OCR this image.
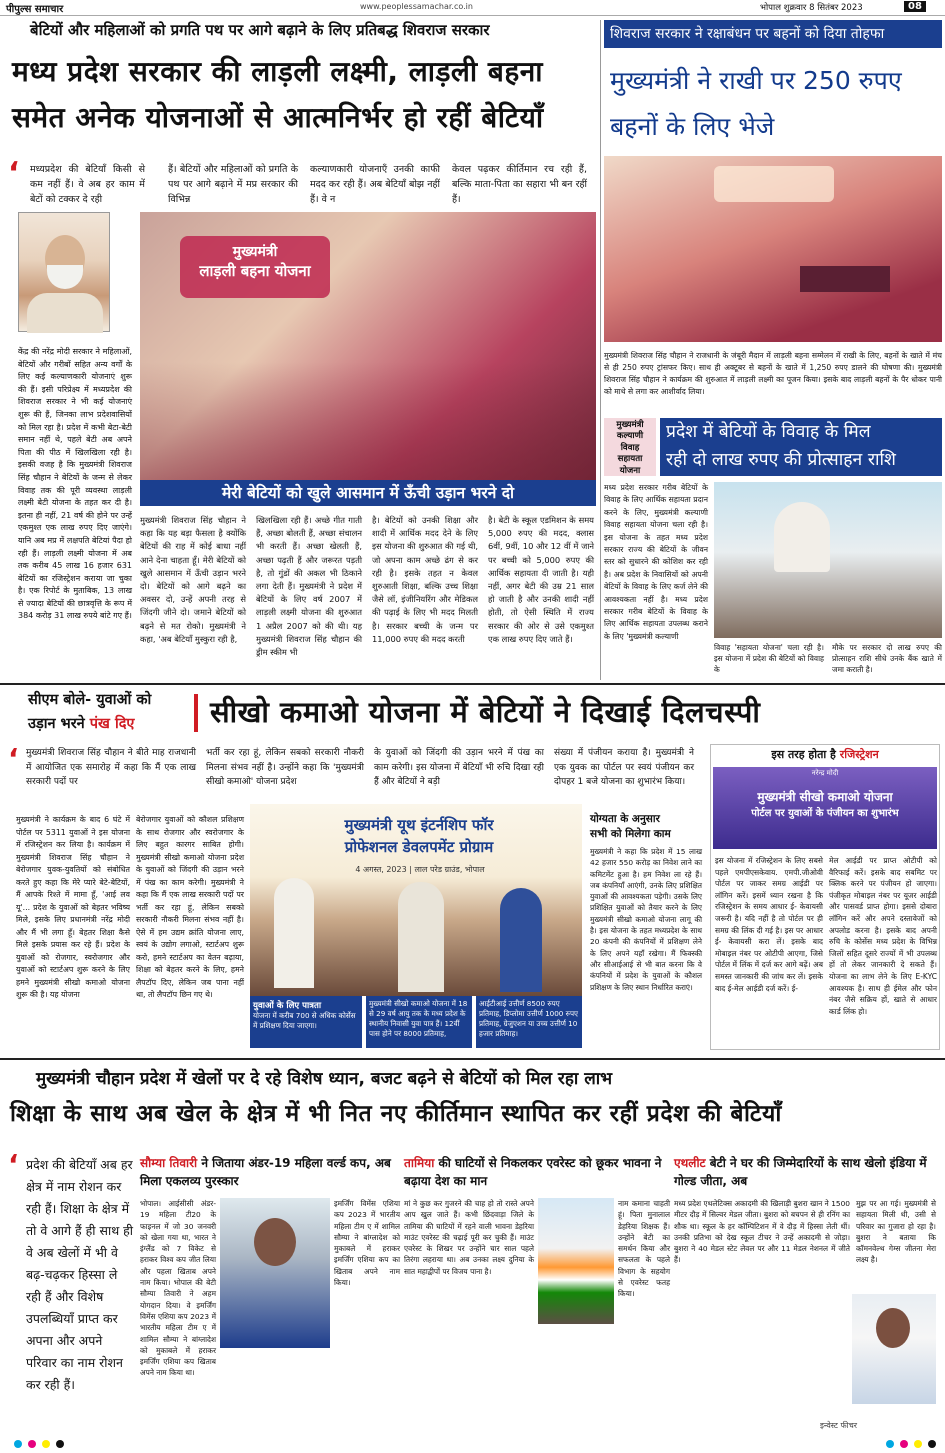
पीपुल्स समाचार	www.peoplessamachar.co.in	भोपाल शुक्रवार 8 सितंबर 2023	08
बेटियों और महिलाओं को प्रगति पथ पर आगे बढ़ाने के लिए प्रतिबद्ध शिवराज सरकार
मध्य प्रदेश सरकार की लाड़ली लक्ष्मी, लाड़ली बहना
समेत अनेक योजनाओं से आत्मनिर्भर हो रहीं बेटियाँ
‘ मध्यप्रदेश की बेटियाँ किसी से कम नहीं हैं। वे अब हर काम में बेटों को टक्कर दे रही
हैं। बेटियों और महिलाओं को प्रगति के पथ पर आगे बढ़ाने में मप्र सरकार की विभिन्न
कल्याणकारी योजनाएँ उनकी काफी मदद कर रही हैं। अब बेटियाँ बोझ नहीं हैं। वे न
केवल पढ़कर कीर्तिमान रच रही हैं, बल्कि माता-पिता का सहारा भी बन रहीं हैं।
केंद्र की नरेंद्र मोदी सरकार ने महिलाओं, बेटियों और गरीबों सहित अन्य वर्गों के लिए कई कल्याणकारी योजनाएं शुरू की हैं। इसी परिप्रेक्ष्य में मध्यप्रदेश की शिवराज सरकार ने भी कई योजनाएं शुरू की हैं, जिनका लाभ प्रदेशवासियों को मिल रहा है। प्रदेश में कभी बेटा-बेटी समान नहीं थे, पहले बेटी अब अपने पिता की पीठ में खिलखिला रही है। इसकी वजह है कि मुख्यमंत्री शिवराज सिंह चौहान ने बेटियों के जन्म से लेकर विवाह तक की पूरी व्यवस्था लाड़ली लक्ष्मी बेटी योजना के तहत कर दी है। इतना ही नहीं, 21 वर्ष की होने पर उन्हें एकमुश्त एक लाख रुपए दिए जाएंगे। यानि अब मप्र में लक्षपति बेटियां पैदा हो रही हैं। लाड़ली लक्ष्मी योजना में अब तक करीब 45 लाख 16 हजार 631 बेटियों का रजिस्ट्रेशन कराया जा चुका है। एक रिपोर्ट के मुताबिक, 13 लाख से ज्यादा बेटियों की छात्रवृत्ति के रूप में 384 करोड़ 31 लाख रुपये बांटे गए हैं।
मुख्यमंत्री
लाड़ली बहना योजना
मेरी बेटियों को खुले आसमान में ऊँची उड़ान भरने दो
मुख्यमंत्री शिवराज सिंह चौहान ने कहा कि यह बड़ा फैसला है क्योंकि बेटियों की राह में कोई बाधा नहीं आने देना चाहता हूँ। मेरी बेटियों को खुले आसमान में ऊँची उड़ान भरने दो। बेटियों को आगे बढ़ने का अवसर दो, उन्हें अपनी तरह से जिंदगी जीने दो। जमाने बेटियों को बढ़ने से मत रोको। मुख्यमंत्री ने कहा, 'अब बेटियाँ मुस्कुरा रही है,
खिलखिला रही हैं। अच्छे गीत गाती हैं, अच्छा बोलती हैं, अच्छा संचालन भी करती हैं। अच्छा खेलती हैं, अच्छा पढ़ती हैं और जरूरत पड़ती है, तो गुंडों की अकल भी ठिकाने लगा देती हैं। मुख्यमंत्री ने प्रदेश में बेटियों के लिए वर्ष 2007 में लाड़ली लक्ष्मी योजना की शुरुआत 1 अप्रैल 2007 को की थी। यह मुख्यमंत्री शिवराज सिंह चौहान की ड्रीम स्कीम भी
है। बेटियों को उनकी शिक्षा और शादी में आर्थिक मदद देने के लिए इस योजना की शुरुआत की गई थी, जो अपना काम अच्छे ढंग से कर रही है। इसके तहत न केवल शुरुआती शिक्षा, बल्कि उच्च शिक्षा जैसे लॉ, इंजीनियरिंग और मेडिकल की पढ़ाई के लिए भी मदद मिलती है। सरकार बच्ची के जन्म पर 11,000 रुपए की मदद करती
है। बेटी के स्कूल एडमिशन के समय 5,000 रुपए की मदद, क्लास 6वीं, 9वीं, 10 और 12 वीं में जाने पर बच्ची को 5,000 रुपए की आर्थिक सहायता दी जाती है। यही नहीं, अगर बेटी की उम्र 21 साल हो जाती है और उनकी शादी नहीं होती, तो ऐसी स्थिति में राज्य सरकार की ओर से उसे एकमुश्त एक लाख रुपए दिए जाते हैं।
शिवराज सरकार ने रक्षाबंधन पर बहनों को दिया तोहफा
मुख्यमंत्री ने राखी पर 250 रुपए बहनों के लिए भेजे
मुख्यमंत्री शिवराज सिंह चौहान ने राजधानी के जंबूरी मैदान में लाड़ली बहना सम्मेलन में राखी के लिए, बहनों के खाते में मंच से ही 250 रुपए ट्रांसफर किए। साथ ही अक्टूबर से बहनों के खाते में 1,250 रुपए डालने की घोषणा की। मुख्यमंत्री शिवराज सिंह चौहान ने कार्यक्रम की शुरुआत में लाड़ली लक्ष्मी का पूजन किया। इसके बाद लाड़ली बहनों के पैर धोकर पानी को माथे से लगा कर आशीर्वाद लिया।
मुख्यमंत्री
कल्याणी
विवाह
सहायता
योजना
प्रदेश में बेटियों के विवाह के मिल
रही दो लाख रुपए की प्रोत्साहन राशि
मध्य प्रदेश सरकार गरीब बेटियों के विवाह के लिए आर्थिक सहायता प्रदान करने के लिए, मुख्यमंत्री कल्याणी विवाह सहायता योजना चला रही है। इस योजना के तहत मध्य प्रदेश सरकार राज्य की बेटियों के जीवन स्तर को सुधारने की कोशिश कर रही है। अब प्रदेश के निवासियों को अपनी बेटियों के विवाह के लिए कर्ज लेने की आवश्यकता नहीं है। मध्य प्रदेश सरकार गरीब बेटियों के विवाह के लिए आर्थिक सहायता उपलब्ध कराने के लिए 'मुख्यमंत्री कल्याणी
विवाह 'सहायता योजना' चला रही है। इस योजना में प्रदेश की बेटियों को विवाह के
मौके पर सरकार दो लाख रुपए की प्रोत्साहन राशि सीधे उनके बैंक खाते में जमा कराती है।
सीएम बोले- युवाओं को
उड़ान भरने पंख दिए	सीखो कमाओ योजना में बेटियों ने दिखाई दिलचस्पी
‘ मुख्यमंत्री शिवराज सिंह चौहान ने बीते माह राजधानी में आयोजित एक समारोह में कहा कि मैं एक लाख सरकारी पदों पर
भर्ती कर रहा हूं, लेकिन सबको सरकारी नौकरी मिलना संभव नहीं है। उन्होंने कहा कि 'मुख्यमंत्री सीखो कमाओ' योजना प्रदेश
के युवाओं को जिंदगी की उड़ान भरने में पंख का काम करेगी। इस योजना में बेटियाँ भी रुचि दिखा रही हैं और बेटियों ने बड़ी
संख्या में पंजीयन कराया है। मुख्यमंत्री ने एक युवक का पोर्टल पर स्वयं पंजीयन कर दोपहर 1 बजे योजना का शुभारंभ किया।
मुख्यमंत्री ने कार्यक्रम के बाद 6 घंटे में पोर्टल पर 5311 युवाओं ने इस योजना में रजिस्ट्रेशन कर लिया है। कार्यक्रम में मुख्यमंत्री शिवराज सिंह चौहान ने बेरोजगार युवक-युवतियों को संबोधित करते हुए कहा कि मेरे प्यारे बेटे-बेटियों, मैं आपके रिश्ते में मामा हूँ, 'आई लव यू'... प्रदेश के युवाओं को बेहतर भविष्य मिले, इसके लिए प्रधानमंत्री नरेंद्र मोदी और मैं भी लगा हूँ। बेहतर शिक्षा कैसे मिले इसके प्रयास कर रहे हैं। प्रदेश के युवाओं को रोजगार, स्वरोजगार और युवाओं को स्टार्टअप शुरू करने के लिए हमने मुख्यमंत्री सीखो कमाओ योजना शुरू की है। यह योजना
बेरोजगार युवाओं को कौशल प्रशिक्षण के साथ रोजगार और स्वरोजगार के लिए बहुत कारगर साबित होगी। मुख्यमंत्री सीखो कमाओ योजना प्रदेश के युवाओं को जिंदगी की उड़ान भरने में पंख का काम करेगी। मुख्यमंत्री ने कहा कि मैं एक लाख सरकारी पदों पर भर्ती कर रहा हूं, लेकिन सबको सरकारी नौकरी मिलना संभव नहीं है। ऐसे में हम उद्यम क्रांति योजना लाए, स्वयं के उद्योग लगाओ, स्टार्टअप शुरू करो, हमने स्टार्टअप का वेतन बढ़ाया, शिक्षा को बेहतर करने के लिए, हमने लैपटॉप दिए, लेकिन जब पाना नहीं था, तो लैपटॉप छिन गए थे।
मुख्यमंत्री यूथ इंटर्नशिप फॉर
प्रोफेशनल डेवलपमेंट प्रोग्राम
4 अगस्त, 2023 | लाल परेड ग्राउंड, भोपाल
युवाओं के लिए पात्रता
योजना में करीब 700 से अधिक कोर्सेस में प्रशिक्षण दिया जाएगा।
मुख्यमंत्री सीखो कमाओ योजना में 18 से 29 वर्ष आयु तक के मध्य प्रदेश के स्थानीय निवासी युवा पात्र हैं। 12वीं पास होने पर 8000 प्रतिमाह,
आईटीआई उत्तीर्ण 8500 रुपए प्रतिमाह, डिप्लोमा उत्तीर्ण 1000 रुपए प्रतिमाह, ग्रेजुएशन या उच्च उत्तीर्ण 10 हजार प्रतिमाह।
योग्यता के अनुसार
सभी को मिलेगा काम
मुख्यमंत्री ने कहा कि प्रदेश में 15 लाख 42 हजार 550 करोड़ का निवेश लाने का कमिटमेंट हुआ है। हम निवेश ला रहे हैं। जब कंपनियाँ आएंगी, उनके लिए प्रशिक्षित युवाओं की आवश्यकता पड़ेगी। उसके लिए प्रशिक्षित युवाओं को तैयार करने के लिए मुख्यमंत्री सीखो कमाओ योजना लागू की है। इस योजना के तहत मध्यप्रदेश के साथ 20 कंपनी की कंपनियों में प्रशिक्षण लेने के लिए अपने यहाँ रखेगा। मैं फिक्स्की और सीआईआई से भी बात करना कि वे कंपनियों में प्रदेश के युवाओं के कौशल प्रशिक्षण के लिए स्थान निर्धारित कराएं।
इस तरह होता है रजिस्ट्रेशन
नरेन्द्र मोदी
मुख्यमंत्री सीखो कमाओ योजना
पोर्टल पर युवाओं के पंजीयन का शुभारंभ
इस योजना में रजिस्ट्रेशन के लिए सबसे पहले एमपीएसकेवाय. एमपी.जीओवी पोर्टल पर जाकर समग्र आईडी पर लॉगिन करें। इसमें ध्यान रखना है कि रजिस्ट्रेशन के समय आधार ई- केवायसी जरूरी है। यदि नहीं है तो पोर्टल पर ही समग्र की लिंक दी गई है। इस पर आधार ई- केवायसी करा लें। इसके बाद मोबाइल नंबर पर ओटीपी आएगा, जिसे पोर्टल में लिंक में दर्ज कर आगे बढ़ें। अब समस्त जानकारी की जांच कर लें। इसके बाद ई-मेल आईडी दर्ज करें। ई-
मेल आईडी पर प्राप्त ओटीपी को वैरिफाई करें। इसके बाद सबमिट पर क्लिक करने पर पंजीयन हो जाएगा। पंजीकृत मोबाइल नंबर पर यूजर आईडी और पासवर्ड प्राप्त होगा। इससे दोबारा लॉगिन करें और अपने दस्तावेजों को अपलोड करना है। इसके बाद अपनी रुचि के कोर्सेस मध्य प्रदेश के विभिन्न जिलों सहित दूसरे राज्यों में भी उपलब्ध हों तो लेकर जानकारी दे सकते हैं। योजना का लाभ लेने के लिए E-KYC आवश्यक है। साथ ही ईमेल और फोन नंबर जैसे सक्रिय हों, खाते से आधार कार्ड लिंक हो।
मुख्यमंत्री चौहान प्रदेश में खेलों पर दे रहे विशेष ध्यान, बजट बढ़ने से बेटियों को मिल रहा लाभ
शिक्षा के साथ अब खेल के क्षेत्र में भी नित नए कीर्तिमान स्थापित कर रहीं प्रदेश की बेटियाँ
‘ प्रदेश की बेटियाँ अब हर क्षेत्र में नाम रोशन कर रही हैं। शिक्षा के क्षेत्र में तो वे आगे हैं ही साथ ही वे अब खेलों में भी वे बढ़-चढ़कर हिस्सा ले रही हैं और विशेष उपलब्धियाँ प्राप्त कर अपना और अपने परिवार का नाम रोशन कर रही हैं।
सौम्या तिवारी ने जिताया अंडर-19 महिला वर्ल्ड कप, अब मिला एकलव्य पुरस्कार
भोपाल। आईसीसी अंडर- 19 महिला टी20 के फाइनल में जो 30 जनवरी को खेला गया था, भारत ने इंग्लैंड को 7 विकेट से हराकर विश्व कप जीत लिया और पहला खिताब अपने नाम किया। भोपाल की बेटी सौम्या तिवारी ने अहम योगदान दिया। वे इमर्जिंग विमेंस एशिया कप 2023 में भारतीय महिला टीम ए में शामिल सौम्या ने बांग्लादेश को मुकाबले में हराकर इमर्जिंग एशिया कप खिताब अपने नाम किया था।
इमर्जिंग विमेंस एशिया कप 2023 में भारतीय महिला टीम ए में शामिल सौम्या ने बांग्लादेश को मुकाबले में हराकर इमर्जिंग एशिया कप का खिताब अपने नाम किया।
तामिया की घाटियों से निकलकर एवरेस्ट को छूकर भावना ने बढ़ाया देश का मान
मां ने कुछ कर गुजरने की चाह हो तो रास्ते अपने आप खुल जाते हैं। कभी छिंदवाड़ा जिले के तामिया की घाटियों में रहने वाली भावना डेहरिया माउंट एवरेस्ट की चढ़ाई पूरी कर चुकी हैं। माउंट एवरेस्ट के शिखर पर उन्होंने चार साल पहले तिरंगा लहराया था। अब उनका लक्ष्य दुनिया के सात महाद्वीपों पर विजय पाना है।
नाम कमाना चाहती हूं। पिता मुनालाल डेहरिया शिक्षक हैं। उन्होंने बेटी का समर्थन किया और सफलता के पहले विभाग के सहयोग से एवरेस्ट फतह किया।
एथलीट बेटी ने घर की जिम्मेदारियों के साथ खेलो इंडिया में गोल्ड जीता, अब
मध्य प्रदेश एथलेटिक्स अकादमी की खिलाड़ी बुशरा खान ने 1500 मीटर दौड़ में सिल्वर मेडल जीता। बुशरा को बचपन से ही रनिंग का शौक था। स्कूल के हर कॉम्पिटिशन में वे दौड़ में हिस्सा लेती थीं। उनकी प्रतिभा को देख स्कूल टीचर ने उन्हें अकादमी से जोड़ा। बुशरा ने 40 मेडल स्टेट लेवल पर और 11 मेडल नेशनल में जीते हैं।
मुझ पर आ गई। मुख्यमंत्री से सहायता मिली थी, उसी से परिवार का गुजारा हो रहा है। बुशरा ने बताया कि कॉमनवेल्थ गेम्स जीतना मेरा लक्ष्य है।
इन्वेस्ट फीचर
